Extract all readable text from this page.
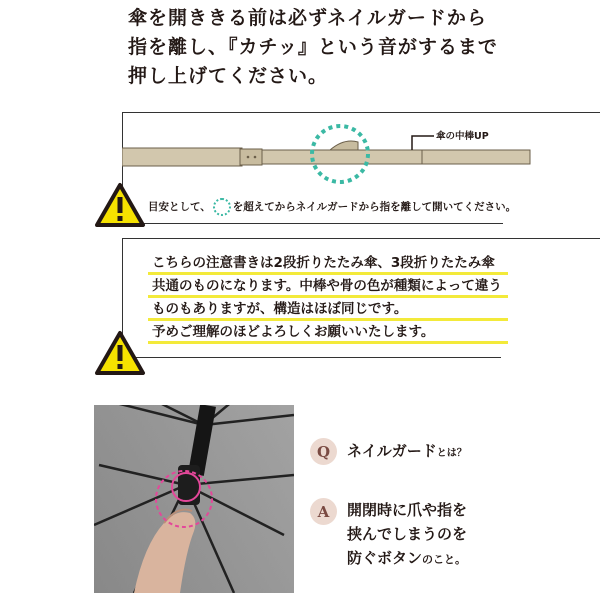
傘を開ききる前は必ずネイルガードから
指を離し、『カチッ』という音がするまで
押し上げてください。
傘の中棒UP
目安として、 を超えてからネイルガードから指を離して開いてください。
こちらの注意書きは2段折りたたみ傘、3段折りたたみ傘
共通のものになります。中棒や骨の色が種類によって違う
ものもありますが、構造はほぼ同じです。
予めご理解のほどよろしくお願いいたします。
Q	ネイルガードとは？
A	開閉時に爪や指を
挟んでしまうのを
防ぐボタンのこと。
